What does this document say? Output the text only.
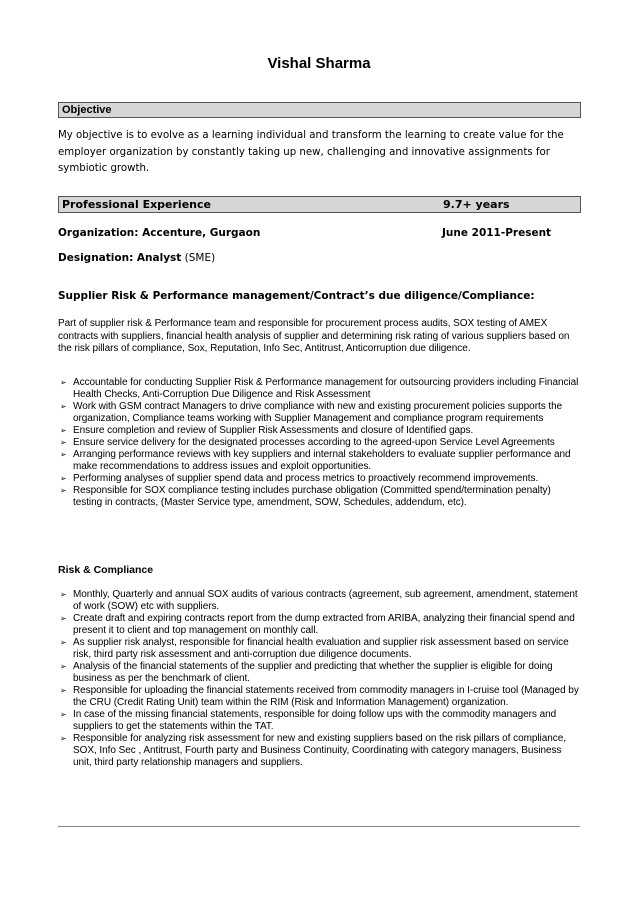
Vishal Sharma
Objective
My objective is to evolve as a learning individual and transform the learning to create value for the employer organization by constantly taking up new, challenging and innovative assignments for symbiotic growth.
Professional Experience	9.7+ years
Organization: Accenture, Gurgaon	June 2011-Present
Designation: Analyst (SME)
Supplier Risk & Performance management/Contract’s due diligence/Compliance:
Part of supplier risk & Performance team and responsible for procurement process audits, SOX testing of AMEX contracts with suppliers, financial health analysis of supplier and determining risk rating of various suppliers based on the risk pillars of compliance, Sox, Reputation, Info Sec, Antitrust, Anticorruption due diligence.
➢ Accountable for conducting Supplier Risk & Performance management for outsourcing providers including Financial Health Checks, Anti-Corruption Due Diligence and Risk Assessment
➢ Work with GSM contract Managers to drive compliance with new and existing procurement policies supports the organization, Compliance teams working with Supplier Management and compliance program requirements
➢ Ensure completion and review of Supplier Risk Assessments and closure of Identified gaps.
➢ Ensure service delivery for the designated processes according to the agreed-upon Service Level Agreements
➢ Arranging performance reviews with key suppliers and internal stakeholders to evaluate supplier performance and make recommendations to address issues and exploit opportunities.
➢ Performing analyses of supplier spend data and process metrics to proactively recommend improvements.
➢ Responsible for SOX compliance testing includes purchase obligation (Committed spend/termination penalty) testing in contracts, (Master Service type, amendment, SOW, Schedules, addendum, etc).
Risk & Compliance
➢ Monthly, Quarterly and annual SOX audits of various contracts (agreement, sub agreement, amendment, statement of work (SOW) etc with suppliers.
➢ Create draft and expiring contracts report from the dump extracted from ARIBA, analyzing their financial spend and present it to client and top management on monthly call.
➢ As supplier risk analyst, responsible for financial health evaluation and supplier risk assessment based on service risk, third party risk assessment and anti-corruption due diligence documents.
➢ Analysis of the financial statements of the supplier and predicting that whether the supplier is eligible for doing business as per the benchmark of client.
➢ Responsible for uploading the financial statements received from commodity managers in I-cruise tool (Managed by the CRU (Credit Rating Unit) team within the RIM (Risk and Information Management) organization.
➢ In case of the missing financial statements, responsible for doing follow ups with the commodity managers and suppliers to get the statements within the TAT.
➢ Responsible for analyzing risk assessment for new and existing suppliers based on the risk pillars of compliance, SOX, Info Sec , Antitrust, Fourth party and Business Continuity, Coordinating with category managers, Business unit, third party relationship managers and suppliers.
